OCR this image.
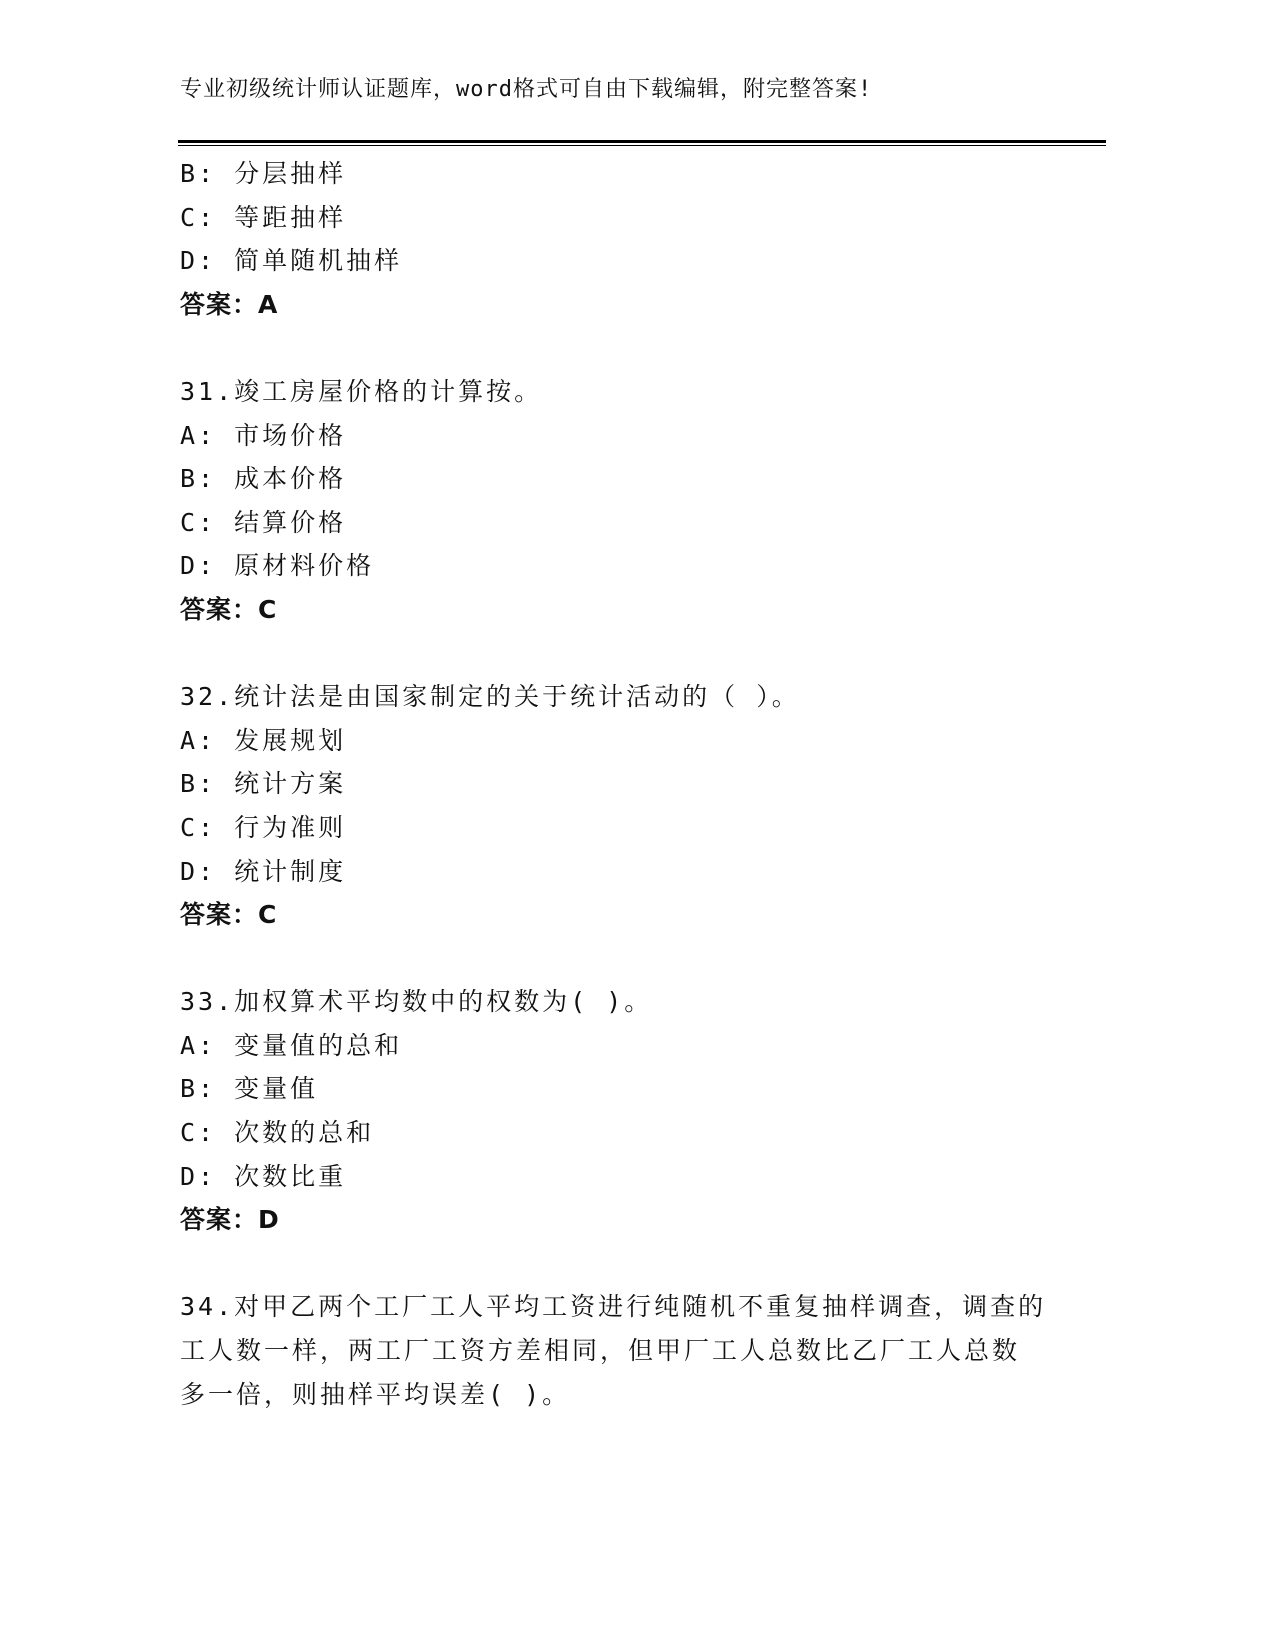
专业初级统计师认证题库，word格式可自由下载编辑，附完整答案!
B: 分层抽样
C: 等距抽样
D: 简单随机抽样
答案：A
31.竣工房屋价格的计算按。
A: 市场价格
B: 成本价格
C: 结算价格
D: 原材料价格
答案：C
32.统计法是由国家制定的关于统计活动的（ ）。
A: 发展规划
B: 统计方案
C: 行为准则
D: 统计制度
答案：C
33.加权算术平均数中的权数为( )。
A: 变量值的总和
B: 变量值
C: 次数的总和
D: 次数比重
答案：D
34.对甲乙两个工厂工人平均工资进行纯随机不重复抽样调查，调查的
工人数一样，两工厂工资方差相同，但甲厂工人总数比乙厂工人总数
多一倍，则抽样平均误差( )。
